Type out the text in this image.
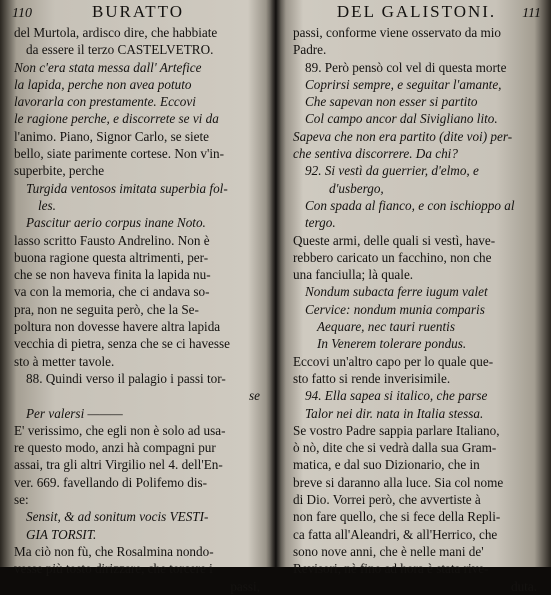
110	BURATTO
del Murtola, ardisco dire, che habbiate
da essere il terzo CASTELVETRO.
Non c'era stata messa dall' Artefice
la lapida, perche non avea potuto
lavorarla con prestamente. Eccovi
le ragione perche, e discorrete se vi da
l'animo. Piano, Signor Carlo, se siete
bello, siate parimente cortese. Non v'in-
superbite, perche
Turgida ventosos imitata superbia fol-
les.
Pascitur aerio corpus inane Noto.
lasso scritto Fausto Andrelino. Non è
buona ragione questa altrimenti, per-
che se non haveva finita la lapida nu-
va con la memoria, che ci andava so-
pra, non ne seguita però, che la Se-
poltura non dovesse havere altra lapida
vecchia di pietra, senza che se ci havesse
sto à metter tavole.
88. Quindi verso il palagio i passi tor-
se
Per valersi ———
E' verissimo, che egli non è solo ad usa-
re questo modo, anzi hà compagni pur
assai, tra gli altri Virgilio nel 4. dell'En-
ver. 669. favellando di Polifemo dis-
se:
Sensit, & ad sonitum vocis VESTI-
GIA TORSIT.
Ma ciò non fù, che Rosalmina nondo-
vesse più tosto dirizzare, che torcere i
passi,
DEL GALISTONI. 111
passi, conforme viene osservato da mio
Padre.
89. Però pensò col vel di questa morte
Coprirsi sempre, e seguitar l'amante,
Che sapevan non esser si partito
Col campo ancor dal Sivigliano lito.
Sapeva che non era partito (dite voi) per-
che sentiva discorrere. Da chi?
92. Si vestì da guerrier, d'elmo, e
d'usbergo,
Con spada al fianco, e con ischioppo al
tergo.
Queste armi, delle quali si vestì, have-
rebbero caricato un facchino, non che
una fanciulla; là quale.
Nondum subacta ferre iugum valet
Cervice: nondum munia comparis
Aequare, nec tauri ruentis
In Venerem tolerare pondus.
Eccovi un'altro capo per lo quale que-
sto fatto si rende inverisimile.
94. Ella sapea si italico, che parse
Talor nei dir. nata in Italia stessa.
Se vostro Padre sappia parlare Italiano,
ò nò, dite che si vedrà dalla sua Gram-
matica, e dal suo Dizionario, che in
breve si daranno alla luce. Sia col nome
di Dio. Vorrei però, che avvertiste à
non fare quello, che si fece della Repli-
ca fatta all'Aleandri, & all'Herrico, che
sono nove anni, che è nelle mani de'
Revisori, nè fino ad hora è stata rive-
duta.
